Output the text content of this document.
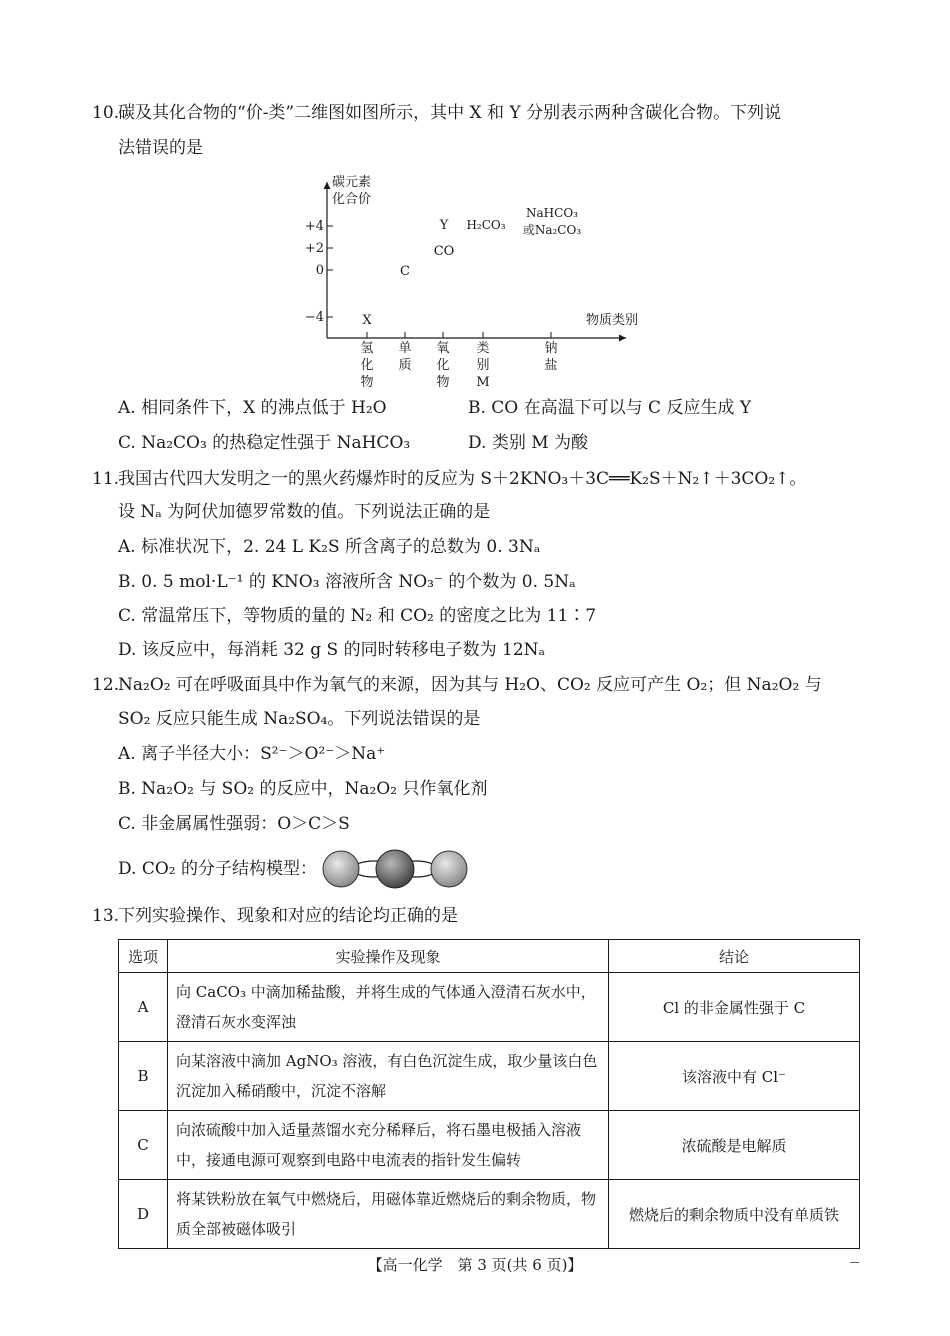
10.
碳及其化合物的“价-类”二维图如图所示，其中 X 和 Y 分别表示两种含碳化合物。下列说
法错误的是
碳元素
化合价
+4
+2
0
−4
氢
化
物
单
质
氧
化
物
类
别
M
钠
盐
物质类别
X
C
CO
Y H₂CO₃
NaHCO₃
或Na₂CO₃
A. 相同条件下，X 的沸点低于 H₂O	B. CO 在高温下可以与 C 反应生成 Y
C. Na₂CO₃ 的热稳定性强于 NaHCO₃	D. 类别 M 为酸
11.
我国古代四大发明之一的黑火药爆炸时的反应为 S＋2KNO₃＋3C══K₂S＋N₂↑＋3CO₂↑。
设 Nₐ 为阿伏加德罗常数的值。下列说法正确的是
A. 标准状况下，2. 24 L K₂S 所含离子的总数为 0. 3Nₐ
B. 0. 5 mol·L⁻¹ 的 KNO₃ 溶液所含 NO₃⁻ 的个数为 0. 5Nₐ
C. 常温常压下，等物质的量的 N₂ 和 CO₂ 的密度之比为 11∶7
D. 该反应中，每消耗 32 g S 的同时转移电子数为 12Nₐ
12.
Na₂O₂ 可在呼吸面具中作为氧气的来源，因为其与 H₂O、CO₂ 反应可产生 O₂；但 Na₂O₂ 与
SO₂ 反应只能生成 Na₂SO₄。下列说法错误的是
A. 离子半径大小：S²⁻＞O²⁻＞Na⁺
B. Na₂O₂ 与 SO₂ 的反应中，Na₂O₂ 只作氧化剂
C. 非金属属性强弱：O＞C＞S
D. CO₂ 的分子结构模型：
13.
下列实验操作、现象和对应的结论均正确的是
选项	实验操作及现象	结论
A	向 CaCO₃ 中滴加稀盐酸，并将生成的气体通入澄清石灰水中，澄清石灰水变浑浊	Cl 的非金属性强于 C
B	向某溶液中滴加 AgNO₃ 溶液，有白色沉淀生成，取少量该白色沉淀加入稀硝酸中，沉淀不溶解	该溶液中有 Cl⁻
C	向浓硫酸中加入适量蒸馏水充分稀释后，将石墨电极插入溶液中，接通电源可观察到电路中电流表的指针发生偏转	浓硫酸是电解质
D	将某铁粉放在氧气中燃烧后，用磁体靠近燃烧后的剩余物质，物质全部被磁体吸引	燃烧后的剩余物质中没有单质铁
【高一化学　第 3 页(共 6 页)】
